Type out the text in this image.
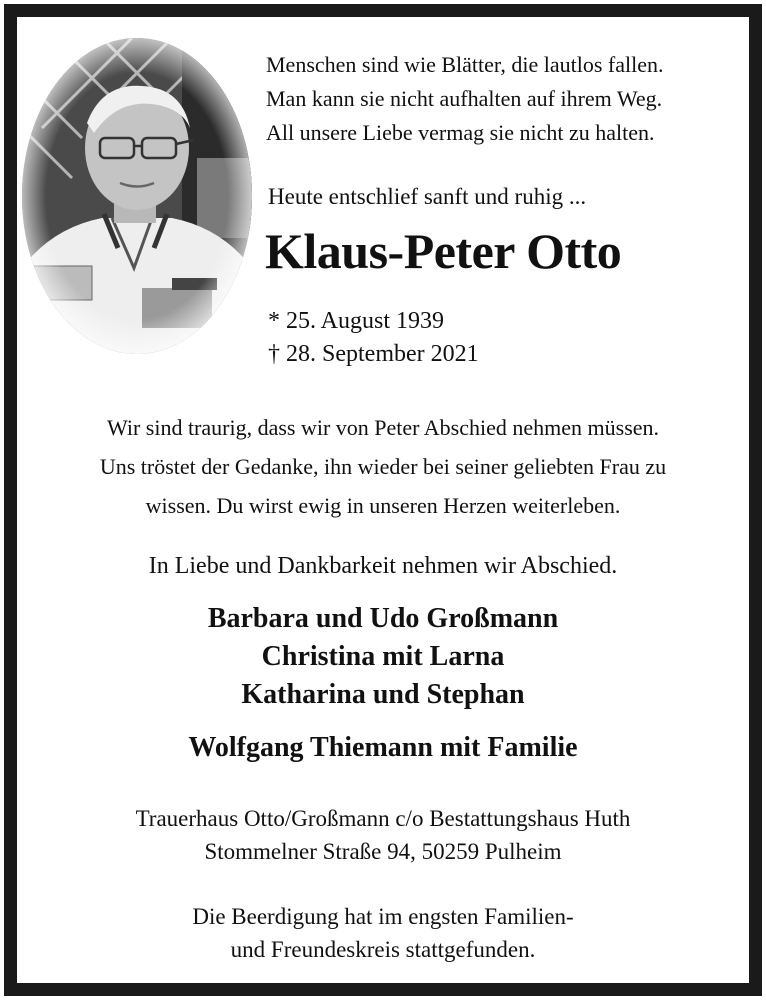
Menschen sind wie Blätter, die lautlos fallen.
Man kann sie nicht aufhalten auf ihrem Weg.
All unsere Liebe vermag sie nicht zu halten.
Heute entschlief sanft und ruhig ...
Klaus-Peter Otto
* 25. August 1939
† 28. September 2021
Wir sind traurig, dass wir von Peter Abschied nehmen müssen.
Uns tröstet der Gedanke, ihn wieder bei seiner geliebten Frau zu
wissen. Du wirst ewig in unseren Herzen weiterleben.
In Liebe und Dankbarkeit nehmen wir Abschied.
Barbara und Udo Großmann
Christina mit Larna
Katharina und Stephan
Wolfgang Thiemann mit Familie
Trauerhaus Otto/Großmann c/o Bestattungshaus Huth
Stommelner Straße 94, 50259 Pulheim
Die Beerdigung hat im engsten Familien-
und Freundeskreis stattgefunden.
